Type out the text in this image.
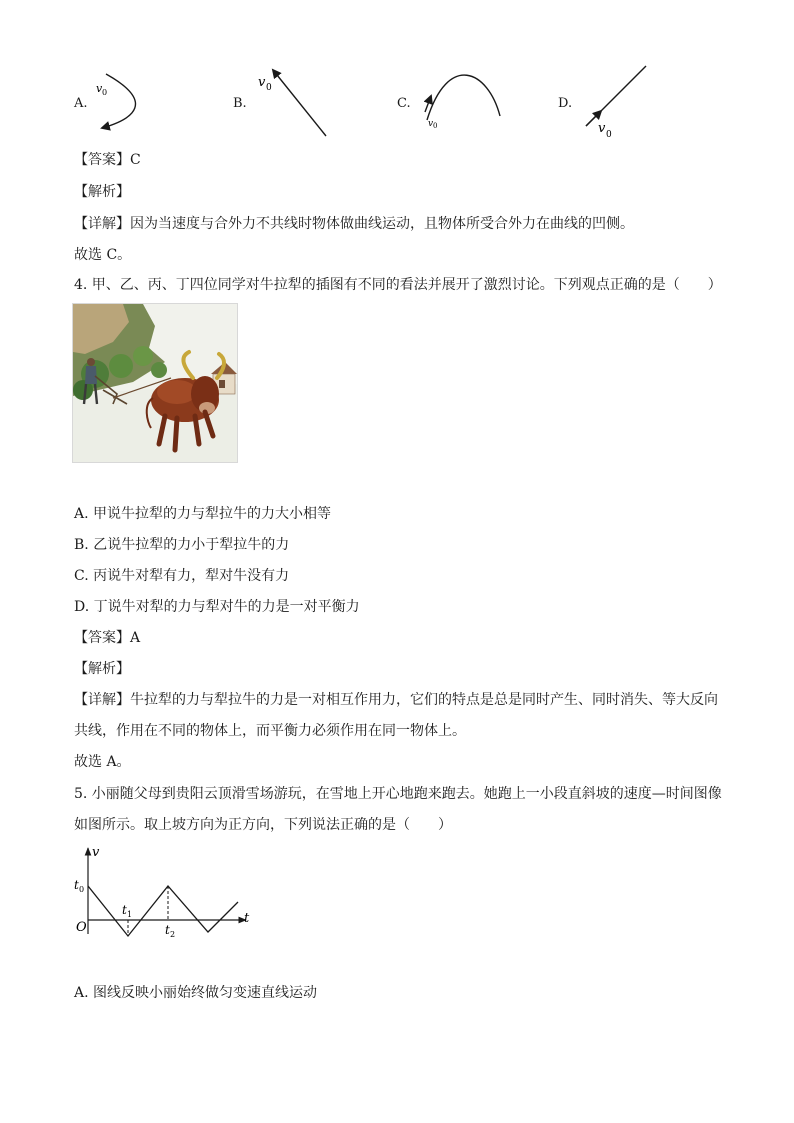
A.
v 0
B.
v 0
C.
v 0
D.
v 0
【答案】C
【解析】
【详解】因为当速度与合外力不共线时物体做曲线运动，且物体所受合外力在曲线的凹侧。
故选 C。
4. 甲、乙、丙、丁四位同学对牛拉犁的插图有不同的看法并展开了激烈讨论。下列观点正确的是（　　）
A. 甲说牛拉犁的力与犁拉牛的力大小相等
B. 乙说牛拉犁的力小于犁拉牛的力
C. 丙说牛对犁有力，犁对牛没有力
D. 丁说牛对犁的力与犁对牛的力是一对平衡力
【答案】A
【解析】
【详解】牛拉犁的力与犁拉牛的力是一对相互作用力，它们的特点是总是同时产生、同时消失、等大反向
共线，作用在不同的物体上，而平衡力必须作用在同一物体上。
故选 A。
5. 小丽随父母到贵阳云顶滑雪场游玩，在雪地上开心地跑来跑去。她跑上一小段直斜坡的速度—时间图像
如图所示。取上坡方向为正方向，下列说法正确的是（　　）
v
t
O
t 0
t 1
t 2
A. 图线反映小丽始终做匀变速直线运动
